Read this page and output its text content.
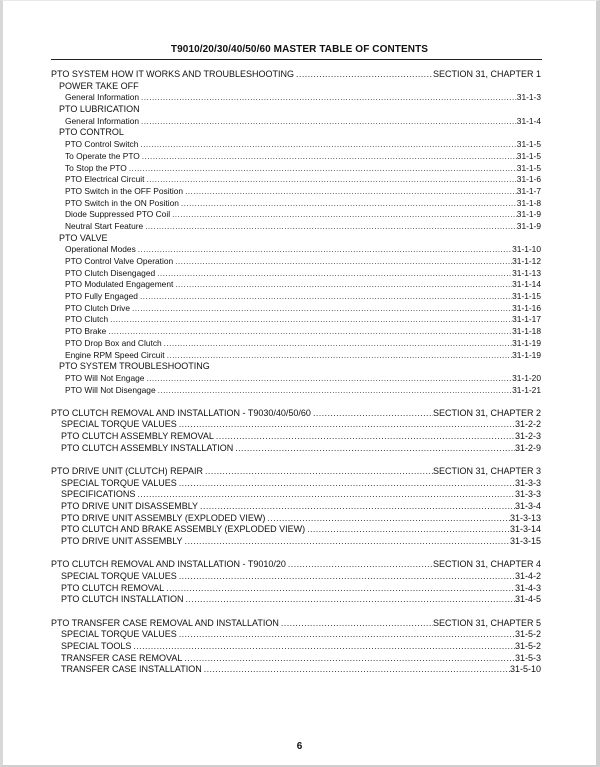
T9010/20/30/40/50/60 MASTER TABLE OF CONTENTS
PTO SYSTEM HOW IT WORKS AND TROUBLESHOOTING .....	SECTION 31, CHAPTER 1
POWER TAKE OFF
General Information .....	31-1-3
PTO LUBRICATION
General Information .....	31-1-4
PTO CONTROL
PTO Control Switch .....	31-1-5
To Operate the PTO .....	31-1-5
To Stop the PTO .....	31-1-5
PTO Electrical Circuit .....	31-1-6
PTO Switch in the OFF Position .....	31-1-7
PTO Switch in the ON Position .....	31-1-8
Diode Suppressed PTO Coil .....	31-1-9
Neutral Start Feature .....	31-1-9
PTO VALVE
Operational Modes .....	31-1-10
PTO Control Valve Operation .....	31-1-12
PTO Clutch Disengaged .....	31-1-13
PTO Modulated Engagement .....	31-1-14
PTO Fully Engaged .....	31-1-15
PTO Clutch Drive .....	31-1-16
PTO Clutch .....	31-1-17
PTO Brake .....	31-1-18
PTO Drop Box and Clutch .....	31-1-19
Engine RPM Speed Circuit .....	31-1-19
PTO SYSTEM TROUBLESHOOTING
PTO Will Not Engage .....	31-1-20
PTO Will Not Disengage .....	31-1-21
PTO CLUTCH REMOVAL AND INSTALLATION - T9030/40/50/60 .....	SECTION 31, CHAPTER 2
SPECIAL TORQUE VALUES .....	31-2-2
PTO CLUTCH ASSEMBLY REMOVAL .....	31-2-3
PTO CLUTCH ASSEMBLY INSTALLATION .....	31-2-9
PTO DRIVE UNIT (CLUTCH) REPAIR .....	SECTION 31, CHAPTER 3
SPECIAL TORQUE VALUES .....	31-3-3
SPECIFICATIONS .....	31-3-3
PTO DRIVE UNIT DISASSEMBLY .....	31-3-4
PTO DRIVE UNIT ASSEMBLY (EXPLODED VIEW) .....	31-3-13
PTO CLUTCH AND BRAKE ASSEMBLY (EXPLODED VIEW) .....	31-3-14
PTO DRIVE UNIT ASSEMBLY .....	31-3-15
PTO CLUTCH REMOVAL AND INSTALLATION - T9010/20 .....	SECTION 31, CHAPTER 4
SPECIAL TORQUE VALUES .....	31-4-2
PTO CLUTCH REMOVAL .....	31-4-3
PTO CLUTCH INSTALLATION .....	31-4-5
PTO TRANSFER CASE REMOVAL AND INSTALLATION .....	SECTION 31, CHAPTER 5
SPECIAL TORQUE VALUES .....	31-5-2
SPECIAL TOOLS .....	31-5-2
TRANSFER CASE REMOVAL .....	31-5-3
TRANSFER CASE INSTALLATION .....	31-5-10
6
